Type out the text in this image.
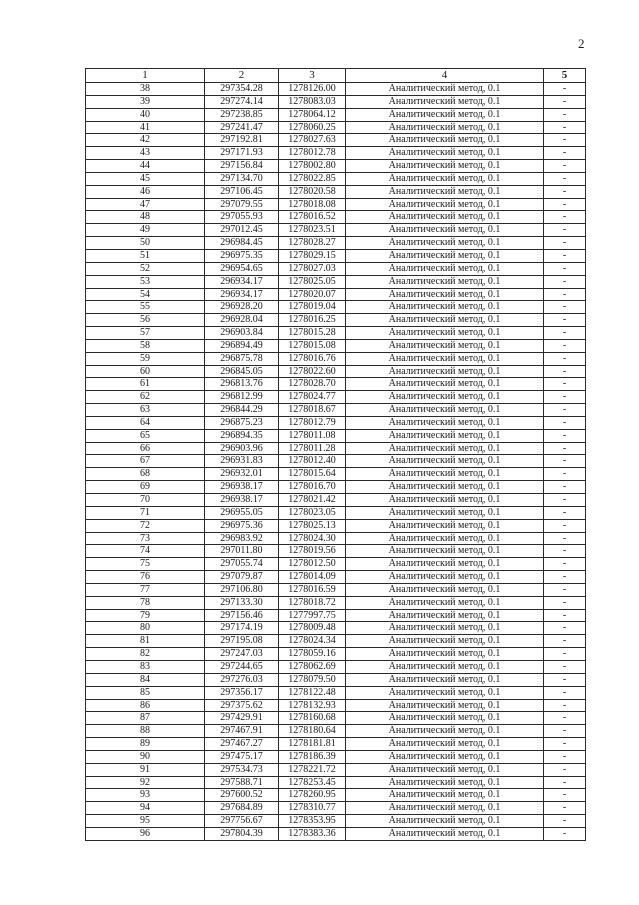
2
1	2	3	4	5
38	297354.28	1278126.00	Аналитический метод, 0.1	-
39	297274.14	1278083.03	Аналитический метод, 0.1	-
40	297238.85	1278064.12	Аналитический метод, 0.1	-
41	297241.47	1278060.25	Аналитический метод, 0.1	-
42	297192.81	1278027.63	Аналитический метод, 0.1	-
43	297171.93	1278012.78	Аналитический метод, 0.1	-
44	297156.84	1278002.80	Аналитический метод, 0.1	-
45	297134.70	1278022.85	Аналитический метод, 0.1	-
46	297106.45	1278020.58	Аналитический метод, 0.1	-
47	297079.55	1278018.08	Аналитический метод, 0.1	-
48	297055.93	1278016.52	Аналитический метод, 0.1	-
49	297012.45	1278023.51	Аналитический метод, 0.1	-
50	296984.45	1278028.27	Аналитический метод, 0.1	-
51	296975.35	1278029.15	Аналитический метод, 0.1	-
52	296954.65	1278027.03	Аналитический метод, 0.1	-
53	296934.17	1278025.05	Аналитический метод, 0.1	-
54	296934.17	1278020.07	Аналитический метод, 0.1	-
55	296928.20	1278019.04	Аналитический метод, 0.1	-
56	296928.04	1278016.25	Аналитический метод, 0.1	-
57	296903.84	1278015.28	Аналитический метод, 0.1	-
58	296894.49	1278015.08	Аналитический метод, 0.1	-
59	296875.78	1278016.76	Аналитический метод, 0.1	-
60	296845.05	1278022.60	Аналитический метод, 0.1	-
61	296813.76	1278028.70	Аналитический метод, 0.1	-
62	296812.99	1278024.77	Аналитический метод, 0.1	-
63	296844.29	1278018.67	Аналитический метод, 0.1	-
64	296875.23	1278012.79	Аналитический метод, 0.1	-
65	296894.35	1278011.08	Аналитический метод, 0.1	-
66	296903.96	1278011.28	Аналитический метод, 0.1	-
67	296931.83	1278012.40	Аналитический метод, 0.1	-
68	296932.01	1278015.64	Аналитический метод, 0.1	-
69	296938.17	1278016.70	Аналитический метод, 0.1	-
70	296938.17	1278021.42	Аналитический метод, 0.1	-
71	296955.05	1278023.05	Аналитический метод, 0.1	-
72	296975.36	1278025.13	Аналитический метод, 0.1	-
73	296983.92	1278024.30	Аналитический метод, 0.1	-
74	297011.80	1278019.56	Аналитический метод, 0.1	-
75	297055.74	1278012.50	Аналитический метод, 0.1	-
76	297079.87	1278014.09	Аналитический метод, 0.1	-
77	297106.80	1278016.59	Аналитический метод, 0.1	-
78	297133.30	1278018.72	Аналитический метод, 0.1	-
79	297156.46	1277997.75	Аналитический метод, 0.1	-
80	297174.19	1278009.48	Аналитический метод, 0.1	-
81	297195.08	1278024.34	Аналитический метод, 0.1	-
82	297247.03	1278059.16	Аналитический метод, 0.1	-
83	297244.65	1278062.69	Аналитический метод, 0.1	-
84	297276.03	1278079.50	Аналитический метод, 0.1	-
85	297356.17	1278122.48	Аналитический метод, 0.1	-
86	297375.62	1278132.93	Аналитический метод, 0.1	-
87	297429.91	1278160.68	Аналитический метод, 0.1	-
88	297467.91	1278180.64	Аналитический метод, 0.1	-
89	297467.27	1278181.81	Аналитический метод, 0.1	-
90	297475.17	1278186.39	Аналитический метод, 0.1	-
91	297534.73	1278221.72	Аналитический метод, 0.1	-
92	297588.71	1278253.45	Аналитический метод, 0.1	-
93	297600.52	1278260.95	Аналитический метод, 0.1	-
94	297684.89	1278310.77	Аналитический метод, 0.1	-
95	297756.67	1278353.95	Аналитический метод, 0.1	-
96	297804.39	1278383.36	Аналитический метод, 0.1	-
